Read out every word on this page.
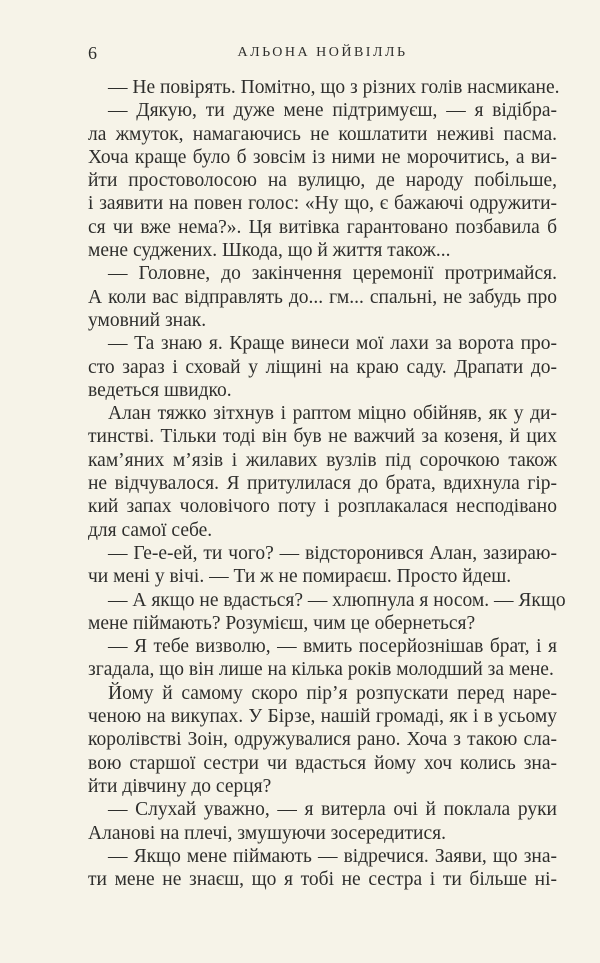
6	АЛЬОНА НОЙВІЛЛЬ
— Не повірять. Помітно, що з різних голів насмикане.
— Дякую, ти дуже мене підтримуєш, — я відібра-
ла жмуток, намагаючись не кошлатити неживі пасма.
Хоча краще було б зовсім із ними не морочитись, а ви-
йти простоволосою на вулицю, де народу побільше,
і заявити на повен голос: «Ну що, є бажаючі одружити-
ся чи вже нема?». Ця витівка гарантовано позбавила б
мене суджених. Шкода, що й життя також...
— Головне, до закінчення церемонії протримайся.
А коли вас відправлять до... гм... спальні, не забудь про
умовний знак.
— Та знаю я. Краще винеси мої лахи за ворота про-
сто зараз і сховай у ліщині на краю саду. Драпати до-
ведеться швидко.
Алан тяжко зітхнув і раптом міцно обійняв, як у ди-
тинстві. Тільки тоді він був не важчий за козеня, й цих
кам’яних м’язів і жилавих вузлів під сорочкою також
не відчувалося. Я притулилася до брата, вдихнула гір-
кий запах чоловічого поту і розплакалася несподівано
для самої себе.
— Ге-е-ей, ти чого? — відсторонився Алан, зазираю-
чи мені у вічі. — Ти ж не помираєш. Просто йдеш.
— А якщо не вдасться? — хлюпнула я носом. — Якщо
мене піймають? Розумієш, чим це обернеться?
— Я тебе визволю, — вмить посерйознішав брат, і я
згадала, що він лише на кілька років молодший за мене.
Йому й самому скоро пір’я розпускати перед наре-
ченою на викупах. У Бірзе, нашій громаді, як і в усьому
королівстві Зоін, одружувалися рано. Хоча з такою сла-
вою старшої сестри чи вдасться йому хоч колись зна-
йти дівчину до серця?
— Слухай уважно, — я витерла очі й поклала руки
Аланові на плечі, змушуючи зосередитися.
— Якщо мене піймають — відречися. Заяви, що зна-
ти мене не знаєш, що я тобі не сестра і ти більше ні-
